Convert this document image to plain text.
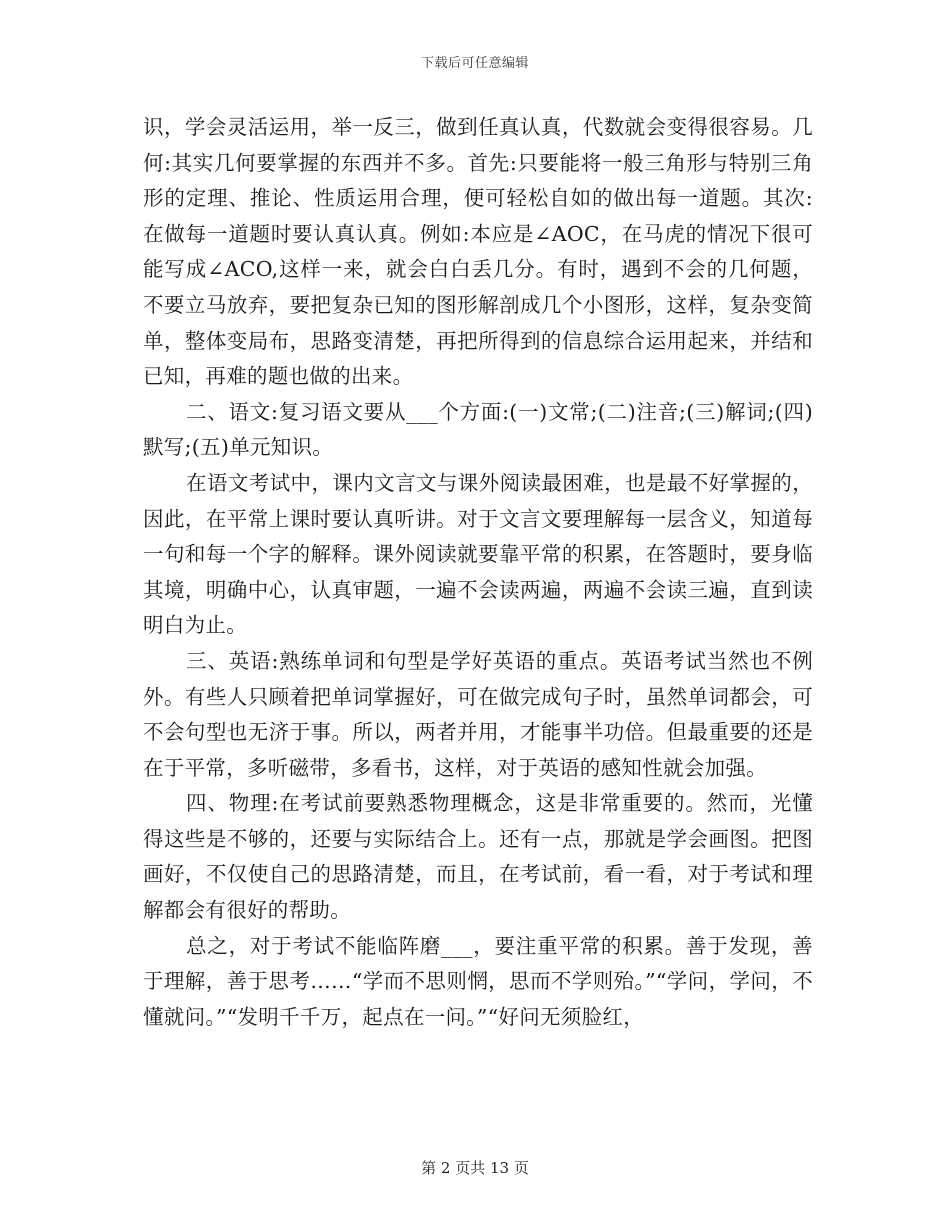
下载后可任意编辑

识，学会灵活运用，举一反三，做到任真认真，代数就会变得很容易。几何:其实几何要掌握的东西并不多。首先:只要能将一般三角形与特别三角形的定理、推论、性质运用合理，便可轻松自如的做出每一道题。其次:在做每一道题时要认真认真。例如:本应是∠AOC，在马虎的情况下很可能写成∠ACO,这样一来，就会白白丢几分。有时，遇到不会的几何题，不要立马放弃，要把复杂已知的图形解剖成几个小图形，这样，复杂变简单，整体变局布，思路变清楚，再把所得到的信息综合运用起来，并结和已知，再难的题也做的出来。

二、语文:复习语文要从___个方面:(一)文常;(二)注音;(三)解词;(四)默写;(五)单元知识。

在语文考试中，课内文言文与课外阅读最困难，也是最不好掌握的，因此，在平常上课时要认真听讲。对于文言文要理解每一层含义，知道每一句和每一个字的解释。课外阅读就要靠平常的积累，在答题时，要身临其境，明确中心，认真审题，一遍不会读两遍，两遍不会读三遍，直到读明白为止。

三、英语:熟练单词和句型是学好英语的重点。英语考试当然也不例外。有些人只顾着把单词掌握好，可在做完成句子时，虽然单词都会，可不会句型也无济于事。所以，两者并用，才能事半功倍。但最重要的还是在于平常，多听磁带，多看书，这样，对于英语的感知性就会加强。

四、物理:在考试前要熟悉物理概念，这是非常重要的。然而，光懂得这些是不够的，还要与实际结合上。还有一点，那就是学会画图。把图画好，不仅使自己的思路清楚，而且，在考试前，看一看，对于考试和理解都会有很好的帮助。

总之，对于考试不能临阵磨___，要注重平常的积累。善于发现，善于理解，善于思考……“学而不思则惘，思而不学则殆。”“学问，学问，不懂就问。”“发明千千万，起点在一问。”“好问无须脸红，

第 2 页共 13 页
